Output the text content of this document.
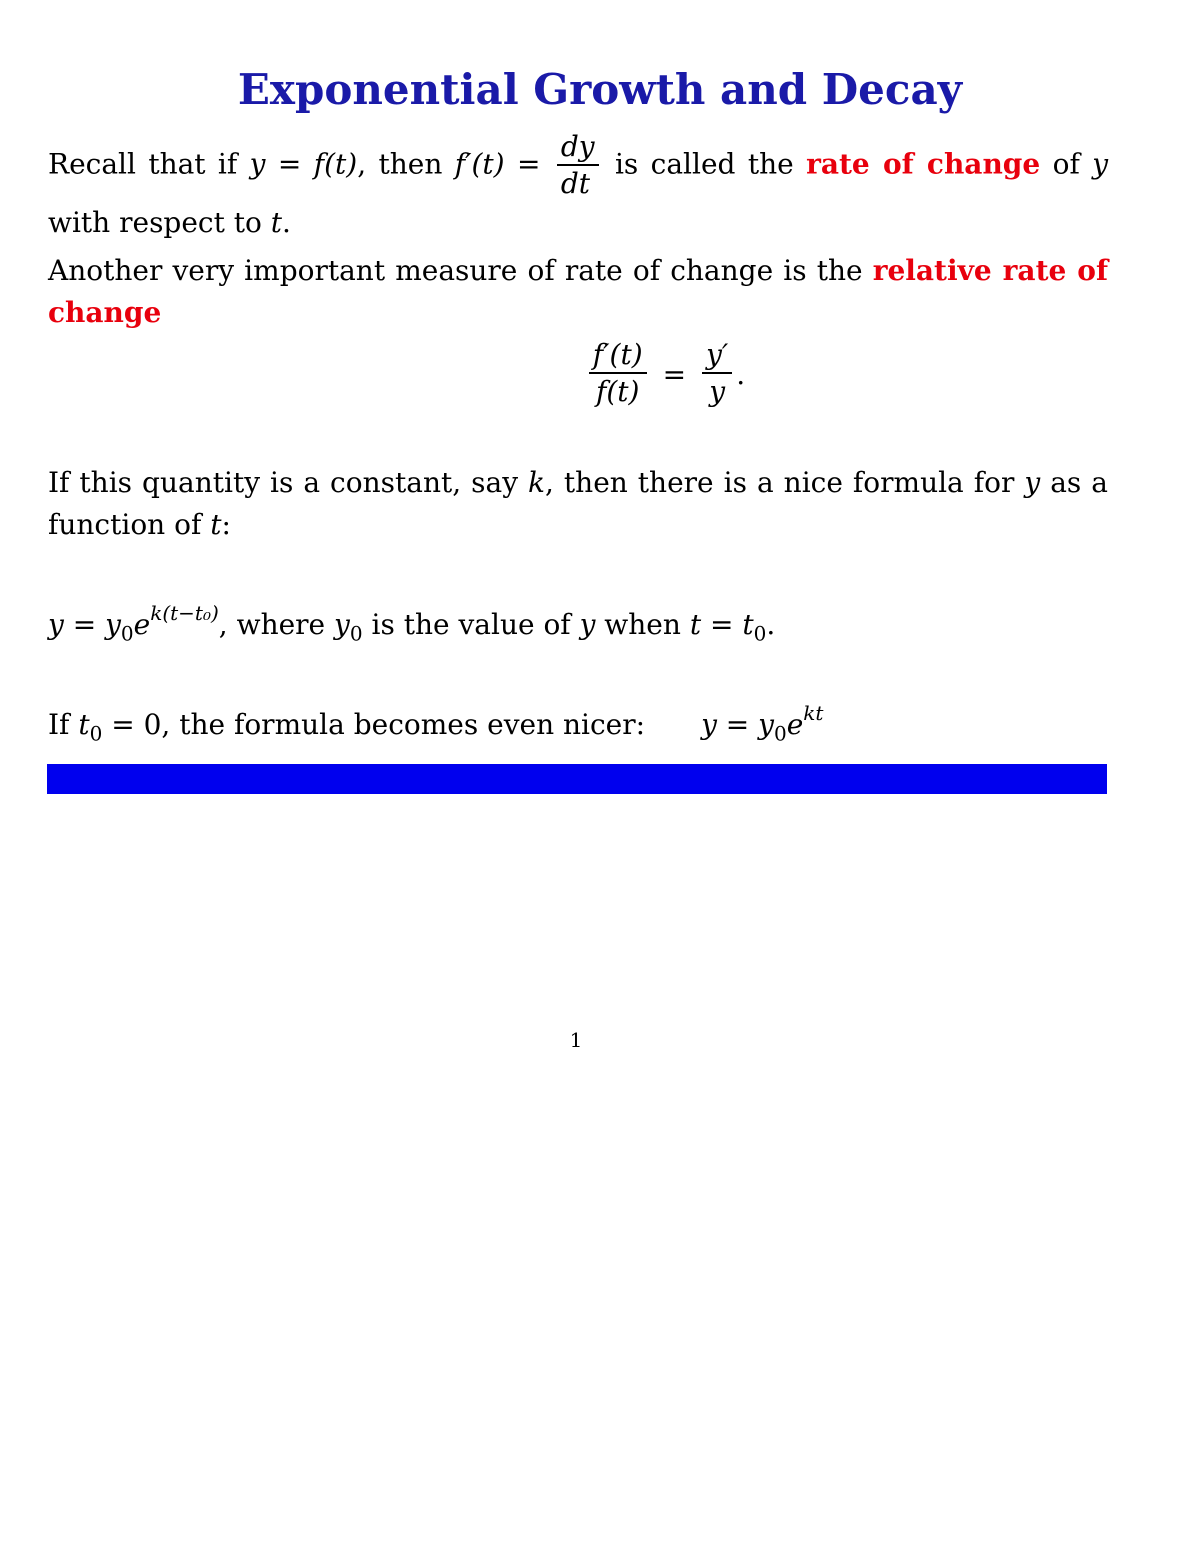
Exponential Growth and Decay
Recall that if y = f(t), then $f'(t) = \frac{dy}{dt}$ is called the rate of change of y with respect to t.
Another very important measure of rate of change is the relative rate of change
$\frac{f'(t)}{f(t)} = \frac{y'}{y}$ .
If this quantity is a constant, say k, then there is a nice formula for y as a function of t:
$y = y_0e^{k(t-t_0)}$, where $y_0$ is the value of y when $t = t_0$.
If $t_0 = 0$, the formula becomes even nicer: $y = y_0e^{kt}$
1
